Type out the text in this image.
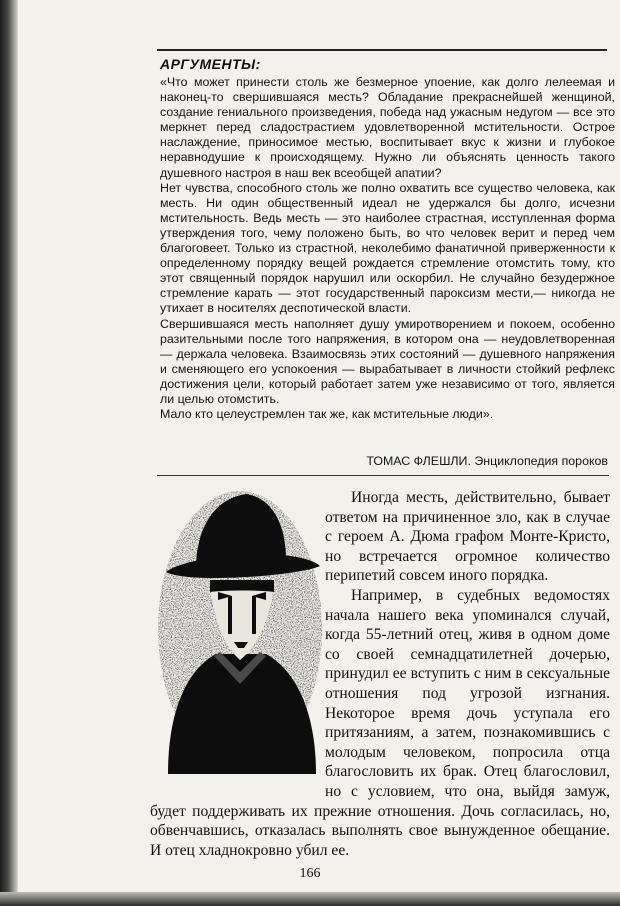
АРГУМЕНТЫ:

«Что может принести столь же безмерное упоение, как долго лелеемая и наконец-то свершившаяся месть? Обладание прекраснейшей женщиной, создание гениального произведения, победа над ужасным недугом — все это меркнет перед сладострастием удовлетворенной мстительности. Острое наслаждение, приносимое местью, воспитывает вкус к жизни и глубокое неравнодушие к происходящему. Нужно ли объяснять ценность такого душевного настроя в наш век всеобщей апатии?

Нет чувства, способного столь же полно охватить все существо человека, как месть. Ни один общественный идеал не удержался бы долго, исчезни мстительность. Ведь месть — это наиболее страстная, исступленная форма утверждения того, чему положено быть, во что человек верит и перед чем благоговеет. Только из страстной, неколебимо фанатичной приверженности к определенному порядку вещей рождается стремление отомстить тому, кто этот священный порядок нарушил или оскорбил. Не случайно безудержное стремление карать — этот государственный пароксизм мести,— никогда не утихает в носителях деспотической власти.

Свершившаяся месть наполняет душу умиротворением и покоем, особенно разительными после того напряжения, в котором она — неудовлетворенная — держала человека. Взаимосвязь этих состояний — душевного напряжения и сменяющего его успокоения — вырабатывает в личности стойкий рефлекс достижения цели, который работает затем уже независимо от того, является ли целью отомстить.

Мало кто целеустремлен так же, как мстительные люди».

ТОМАС ФЛЕШЛИ. Энциклопедия пороков

Иногда месть, действительно, бывает ответом на причиненное зло, как в случае с героем А. Дюма графом Монте-Кристо, но встречается огромное количество перипетий совсем иного порядка.

Например, в судебных ведомостях начала нашего века упоминался случай, когда 55-летний отец, живя в одном доме со своей семнадцатилетней дочерью, принудил ее вступить с ним в сексуальные отношения под угрозой изгнания. Некоторое время дочь уступала его притязаниям, а затем, познакомившись с молодым человеком, попросила отца благословить их брак. Отец благословил, но с условием, что она, выйдя замуж, будет поддерживать их прежние отношения. Дочь согласилась, но, обвенчавшись, отказалась выполнять свое вынужденное обещание. И отец хладнокровно убил ее.

166
